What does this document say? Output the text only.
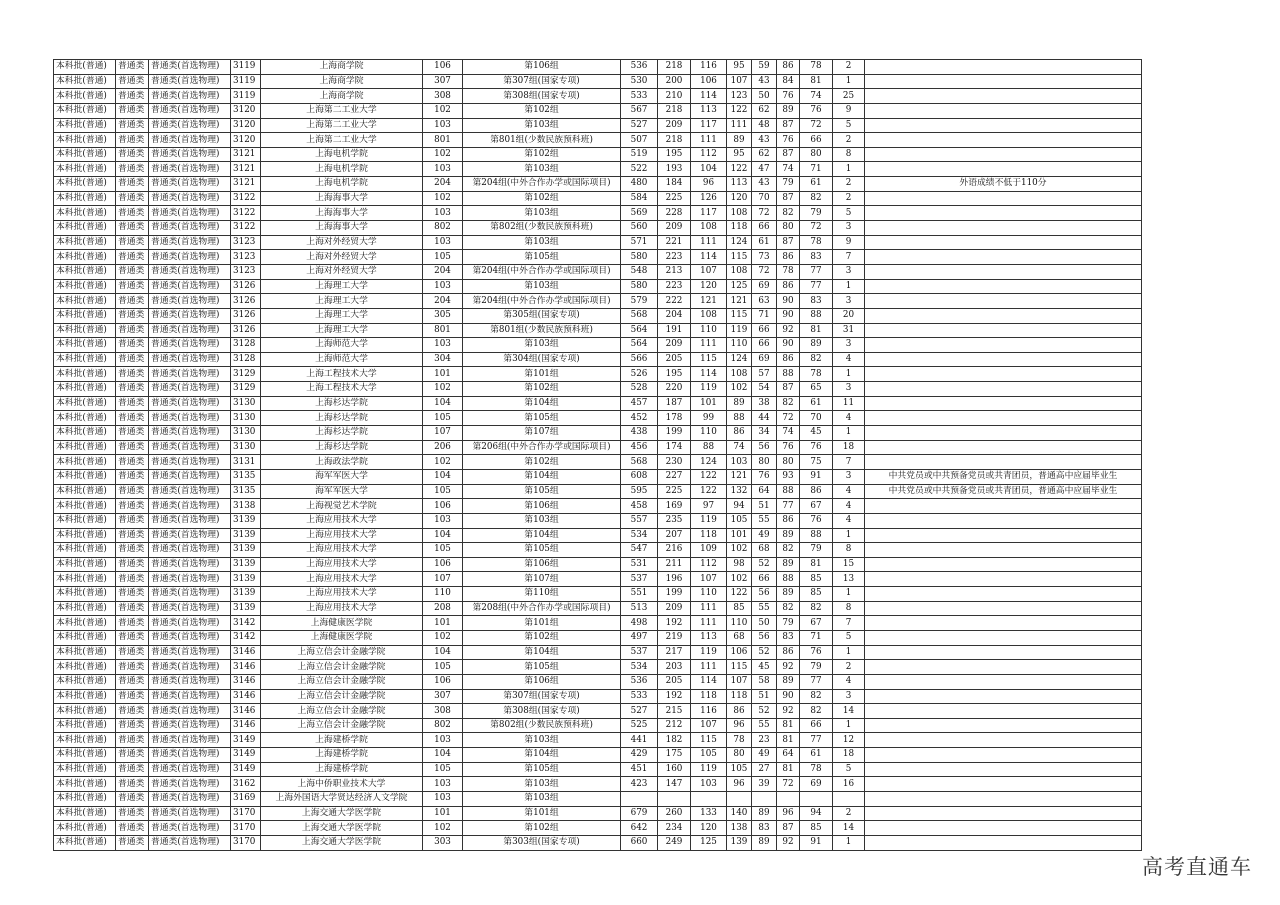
本科批(普通)	普通类	普通类(首选物理)	3119	上海商学院	106	第106组	536	218	116	95	59	86	78	2	
本科批(普通)	普通类	普通类(首选物理)	3119	上海商学院	307	第307组(国家专项)	530	200	106	107	43	84	81	1	
本科批(普通)	普通类	普通类(首选物理)	3119	上海商学院	308	第308组(国家专项)	533	210	114	123	50	76	74	25	
本科批(普通)	普通类	普通类(首选物理)	3120	上海第二工业大学	102	第102组	567	218	113	122	62	89	76	9	
本科批(普通)	普通类	普通类(首选物理)	3120	上海第二工业大学	103	第103组	527	209	117	111	48	87	72	5	
本科批(普通)	普通类	普通类(首选物理)	3120	上海第二工业大学	801	第801组(少数民族预科班)	507	218	111	89	43	76	66	2	
本科批(普通)	普通类	普通类(首选物理)	3121	上海电机学院	102	第102组	519	195	112	95	62	87	80	8	
本科批(普通)	普通类	普通类(首选物理)	3121	上海电机学院	103	第103组	522	193	104	122	47	74	71	1	
本科批(普通)	普通类	普通类(首选物理)	3121	上海电机学院	204	第204组(中外合作办学或国际项目)	480	184	96	113	43	79	61	2	外语成绩不低于110分
本科批(普通)	普通类	普通类(首选物理)	3122	上海海事大学	102	第102组	584	225	126	120	70	87	82	2	
本科批(普通)	普通类	普通类(首选物理)	3122	上海海事大学	103	第103组	569	228	117	108	72	82	79	5	
本科批(普通)	普通类	普通类(首选物理)	3122	上海海事大学	802	第802组(少数民族预科班)	560	209	108	118	66	80	72	3	
本科批(普通)	普通类	普通类(首选物理)	3123	上海对外经贸大学	103	第103组	571	221	111	124	61	87	78	9	
本科批(普通)	普通类	普通类(首选物理)	3123	上海对外经贸大学	105	第105组	580	223	114	115	73	86	83	7	
本科批(普通)	普通类	普通类(首选物理)	3123	上海对外经贸大学	204	第204组(中外合作办学或国际项目)	548	213	107	108	72	78	77	3	
本科批(普通)	普通类	普通类(首选物理)	3126	上海理工大学	103	第103组	580	223	120	125	69	86	77	1	
本科批(普通)	普通类	普通类(首选物理)	3126	上海理工大学	204	第204组(中外合作办学或国际项目)	579	222	121	121	63	90	83	3	
本科批(普通)	普通类	普通类(首选物理)	3126	上海理工大学	305	第305组(国家专项)	568	204	108	115	71	90	88	20	
本科批(普通)	普通类	普通类(首选物理)	3126	上海理工大学	801	第801组(少数民族预科班)	564	191	110	119	66	92	81	31	
本科批(普通)	普通类	普通类(首选物理)	3128	上海师范大学	103	第103组	564	209	111	110	66	90	89	3	
本科批(普通)	普通类	普通类(首选物理)	3128	上海师范大学	304	第304组(国家专项)	566	205	115	124	69	86	82	4	
本科批(普通)	普通类	普通类(首选物理)	3129	上海工程技术大学	101	第101组	526	195	114	108	57	88	78	1	
本科批(普通)	普通类	普通类(首选物理)	3129	上海工程技术大学	102	第102组	528	220	119	102	54	87	65	3	
本科批(普通)	普通类	普通类(首选物理)	3130	上海杉达学院	104	第104组	457	187	101	89	38	82	61	11	
本科批(普通)	普通类	普通类(首选物理)	3130	上海杉达学院	105	第105组	452	178	99	88	44	72	70	4	
本科批(普通)	普通类	普通类(首选物理)	3130	上海杉达学院	107	第107组	438	199	110	86	34	74	45	1	
本科批(普通)	普通类	普通类(首选物理)	3130	上海杉达学院	206	第206组(中外合作办学或国际项目)	456	174	88	74	56	76	76	18	
本科批(普通)	普通类	普通类(首选物理)	3131	上海政法学院	102	第102组	568	230	124	103	80	80	75	7	
本科批(普通)	普通类	普通类(首选物理)	3135	海军军医大学	104	第104组	608	227	122	121	76	93	91	3	中共党员或中共预备党员或共青团员，普通高中应届毕业生
本科批(普通)	普通类	普通类(首选物理)	3135	海军军医大学	105	第105组	595	225	122	132	64	88	86	4	中共党员或中共预备党员或共青团员，普通高中应届毕业生
本科批(普通)	普通类	普通类(首选物理)	3138	上海视觉艺术学院	106	第106组	458	169	97	94	51	77	67	4	
本科批(普通)	普通类	普通类(首选物理)	3139	上海应用技术大学	103	第103组	557	235	119	105	55	86	76	4	
本科批(普通)	普通类	普通类(首选物理)	3139	上海应用技术大学	104	第104组	534	207	118	101	49	89	88	1	
本科批(普通)	普通类	普通类(首选物理)	3139	上海应用技术大学	105	第105组	547	216	109	102	68	82	79	8	
本科批(普通)	普通类	普通类(首选物理)	3139	上海应用技术大学	106	第106组	531	211	112	98	52	89	81	15	
本科批(普通)	普通类	普通类(首选物理)	3139	上海应用技术大学	107	第107组	537	196	107	102	66	88	85	13	
本科批(普通)	普通类	普通类(首选物理)	3139	上海应用技术大学	110	第110组	551	199	110	122	56	89	85	1	
本科批(普通)	普通类	普通类(首选物理)	3139	上海应用技术大学	208	第208组(中外合作办学或国际项目)	513	209	111	85	55	82	82	8	
本科批(普通)	普通类	普通类(首选物理)	3142	上海健康医学院	101	第101组	498	192	111	110	50	79	67	7	
本科批(普通)	普通类	普通类(首选物理)	3142	上海健康医学院	102	第102组	497	219	113	68	56	83	71	5	
本科批(普通)	普通类	普通类(首选物理)	3146	上海立信会计金融学院	104	第104组	537	217	119	106	52	86	76	1	
本科批(普通)	普通类	普通类(首选物理)	3146	上海立信会计金融学院	105	第105组	534	203	111	115	45	92	79	2	
本科批(普通)	普通类	普通类(首选物理)	3146	上海立信会计金融学院	106	第106组	536	205	114	107	58	89	77	4	
本科批(普通)	普通类	普通类(首选物理)	3146	上海立信会计金融学院	307	第307组(国家专项)	533	192	118	118	51	90	82	3	
本科批(普通)	普通类	普通类(首选物理)	3146	上海立信会计金融学院	308	第308组(国家专项)	527	215	116	86	52	92	82	14	
本科批(普通)	普通类	普通类(首选物理)	3146	上海立信会计金融学院	802	第802组(少数民族预科班)	525	212	107	96	55	81	66	1	
本科批(普通)	普通类	普通类(首选物理)	3149	上海建桥学院	103	第103组	441	182	115	78	23	81	77	12	
本科批(普通)	普通类	普通类(首选物理)	3149	上海建桥学院	104	第104组	429	175	105	80	49	64	61	18	
本科批(普通)	普通类	普通类(首选物理)	3149	上海建桥学院	105	第105组	451	160	119	105	27	81	78	5	
本科批(普通)	普通类	普通类(首选物理)	3162	上海中侨职业技术大学	103	第103组	423	147	103	96	39	72	69	16	
本科批(普通)	普通类	普通类(首选物理)	3169	上海外国语大学贤达经济人文学院	103	第103组									
本科批(普通)	普通类	普通类(首选物理)	3170	上海交通大学医学院	101	第101组	679	260	133	140	89	96	94	2	
本科批(普通)	普通类	普通类(首选物理)	3170	上海交通大学医学院	102	第102组	642	234	120	138	83	87	85	14	
本科批(普通)	普通类	普通类(首选物理)	3170	上海交通大学医学院	303	第303组(国家专项)	660	249	125	139	89	92	91	1	
高考直通车
